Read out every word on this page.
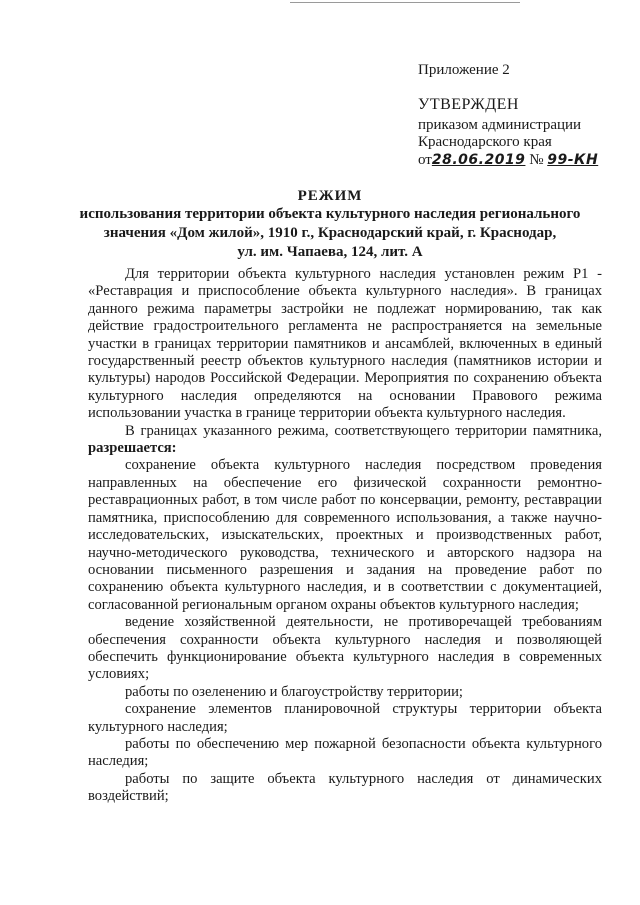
Приложение 2
УТВЕРЖДЕН
приказом администрации
Краснодарского края
от28.06.2019 № 99-КН
РЕЖИМ
использования территории объекта культурного наследия регионального
значения «Дом жилой», 1910 г., Краснодарский край, г. Краснодар,
ул. им. Чапаева, 124, лит. А

Для территории объекта культурного наследия установлен режим Р1 - «Реставрация и приспособление объекта культурного наследия». В границах данного режима параметры застройки не подлежат нормированию, так как действие градостроительного регламента не распространяется на земельные участки в границах территории памятников и ансамблей, включенных в единый государственный реестр объектов культурного наследия (памятников истории и культуры) народов Российской Федерации. Мероприятия по сохранению объекта культурного наследия определяются на основании Правового режима использовании участка в границе территории объекта культурного наследия.

В границах указанного режима, соответствующего территории памятника, разрешается:

сохранение объекта культурного наследия посредством проведения направленных на обеспечение его физической сохранности ремонтно-реставрационных работ, в том числе работ по консервации, ремонту, реставрации памятника, приспособлению для современного использования, а также научно-исследовательских, изыскательских, проектных и производственных работ, научно-методического руководства, технического и авторского надзора на основании письменного разрешения и задания на проведение работ по сохранению объекта культурного наследия, и в соответствии с документацией, согласованной региональным органом охраны объектов культурного наследия;

ведение хозяйственной деятельности, не противоречащей требованиям обеспечения сохранности объекта культурного наследия и позволяющей обеспечить функционирование объекта культурного наследия в современных условиях;

работы по озеленению и благоустройству территории;

сохранение элементов планировочной структуры территории объекта культурного наследия;

работы по обеспечению мер пожарной безопасности объекта культурного наследия;

работы по защите объекта культурного наследия от динамических воздействий;
